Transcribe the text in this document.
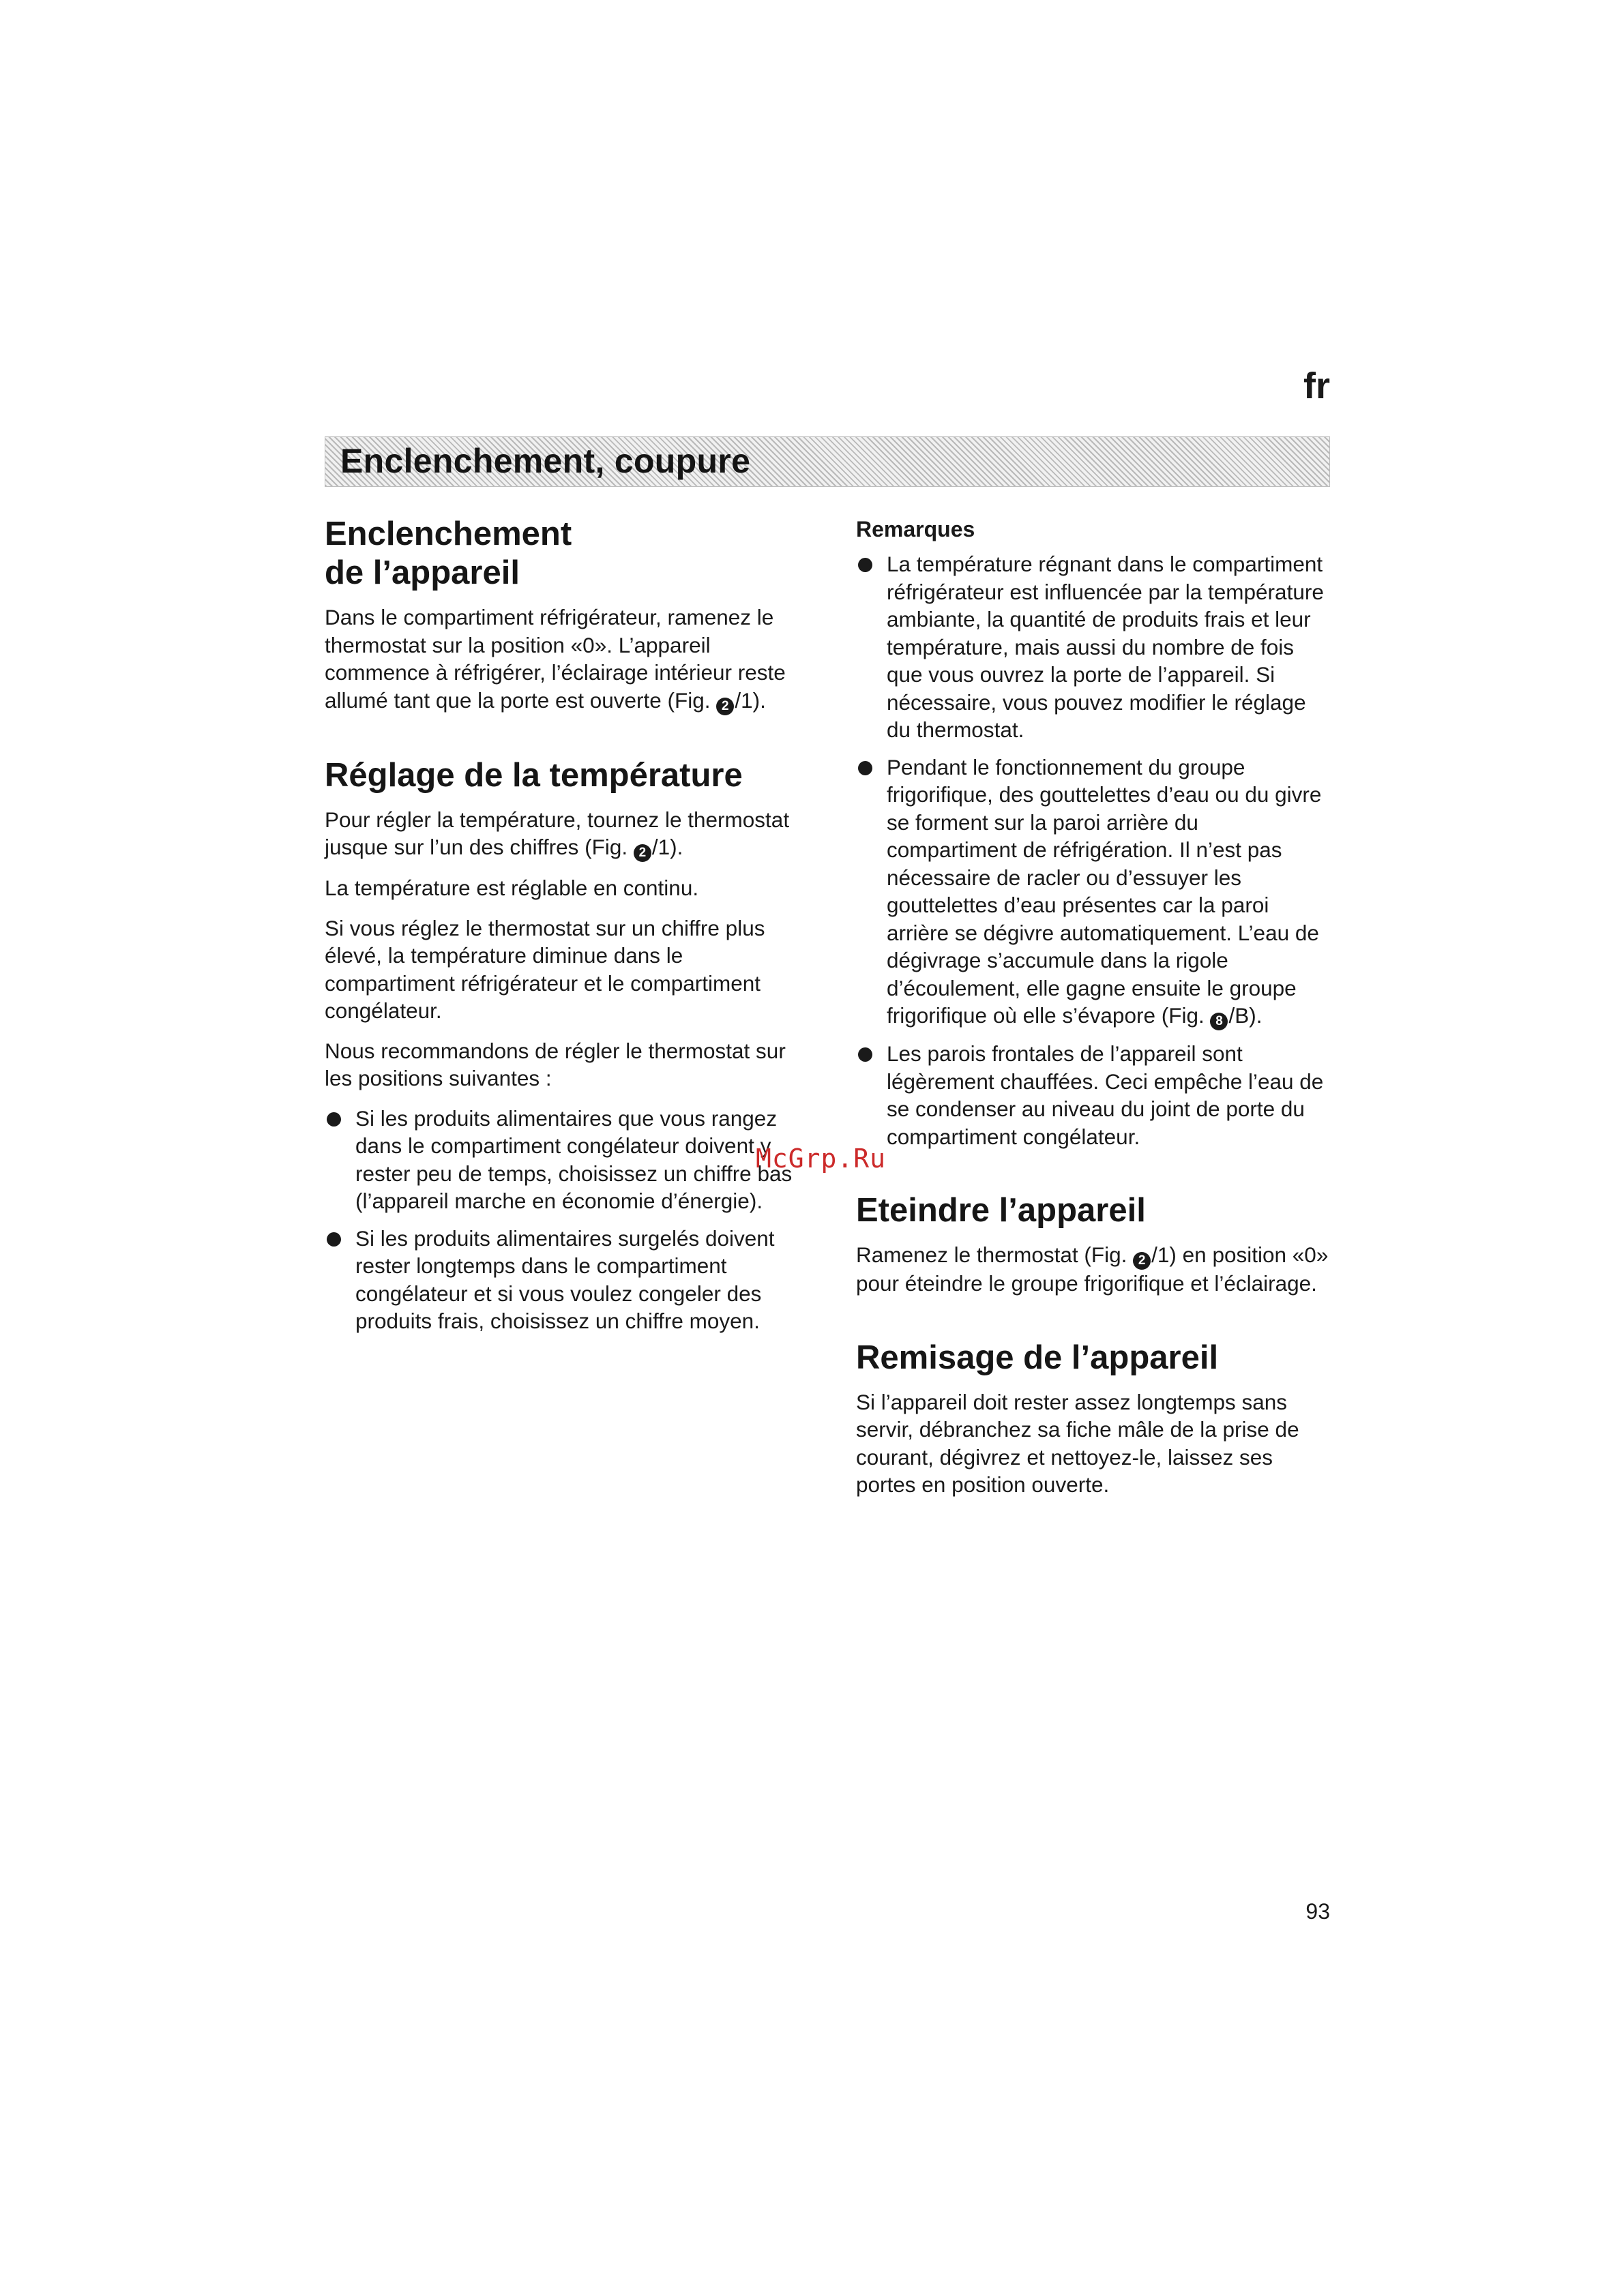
fr
Enclenchement, coupure
Enclenchement
de l’appareil

Dans le compartiment réfrigérateur, ramenez le thermostat sur la position «0». L’appareil commence à réfrigérer, l’éclairage intérieur reste allumé tant que la porte est ouverte (Fig. 2 /1).

Réglage de la température

Pour régler la température, tournez le thermostat jusque sur l’un des chiffres (Fig. 2 /1).

La température est réglable en continu.

Si vous réglez le thermostat sur un chiffre plus élevé, la température diminue dans le compartiment réfrigérateur et le compartiment congélateur.

Nous recommandons de régler le thermostat sur les positions suivantes :

Si les produits alimentaires que vous rangez dans le compartiment congélateur doivent y rester peu de temps, choisissez un chiffre bas (l’appareil marche en économie d’énergie).
Si les produits alimentaires surgelés doivent rester longtemps dans le compartiment congélateur et si vous voulez congeler des produits frais, choisissez un chiffre moyen.
Remarques
La température régnant dans le compartiment réfrigérateur est influencée par la température ambiante, la quantité de produits frais et leur température, mais aussi du nombre de fois que vous ouvrez la porte de l’appareil. Si nécessaire, vous pouvez modifier le réglage du thermostat.
Pendant le fonctionnement du groupe frigorifique, des gouttelettes d’eau ou du givre se forment sur la paroi arrière du compartiment de réfrigération. Il n’est pas nécessaire de racler ou d’essuyer les gouttelettes d’eau présentes car la paroi arrière se dégivre automatiquement. L’eau de dégivrage s’accumule dans la rigole d’écoulement, elle gagne ensuite le groupe frigorifique où elle s’évapore (Fig. 8 /B).
Les parois frontales de l’appareil sont légèrement chauffées. Ceci empêche l’eau de se condenser au niveau du joint de porte du compartiment congélateur.
Eteindre l’appareil

Ramenez le thermostat (Fig. 2 /1) en position «0» pour éteindre le groupe frigorifique et l’éclairage.

Remisage de l’appareil

Si l’appareil doit rester assez longtemps sans servir, débranchez sa fiche mâle de la prise de courant, dégivrez et nettoyez-le, laissez ses portes en position ouverte.

McGrp.Ru
93
